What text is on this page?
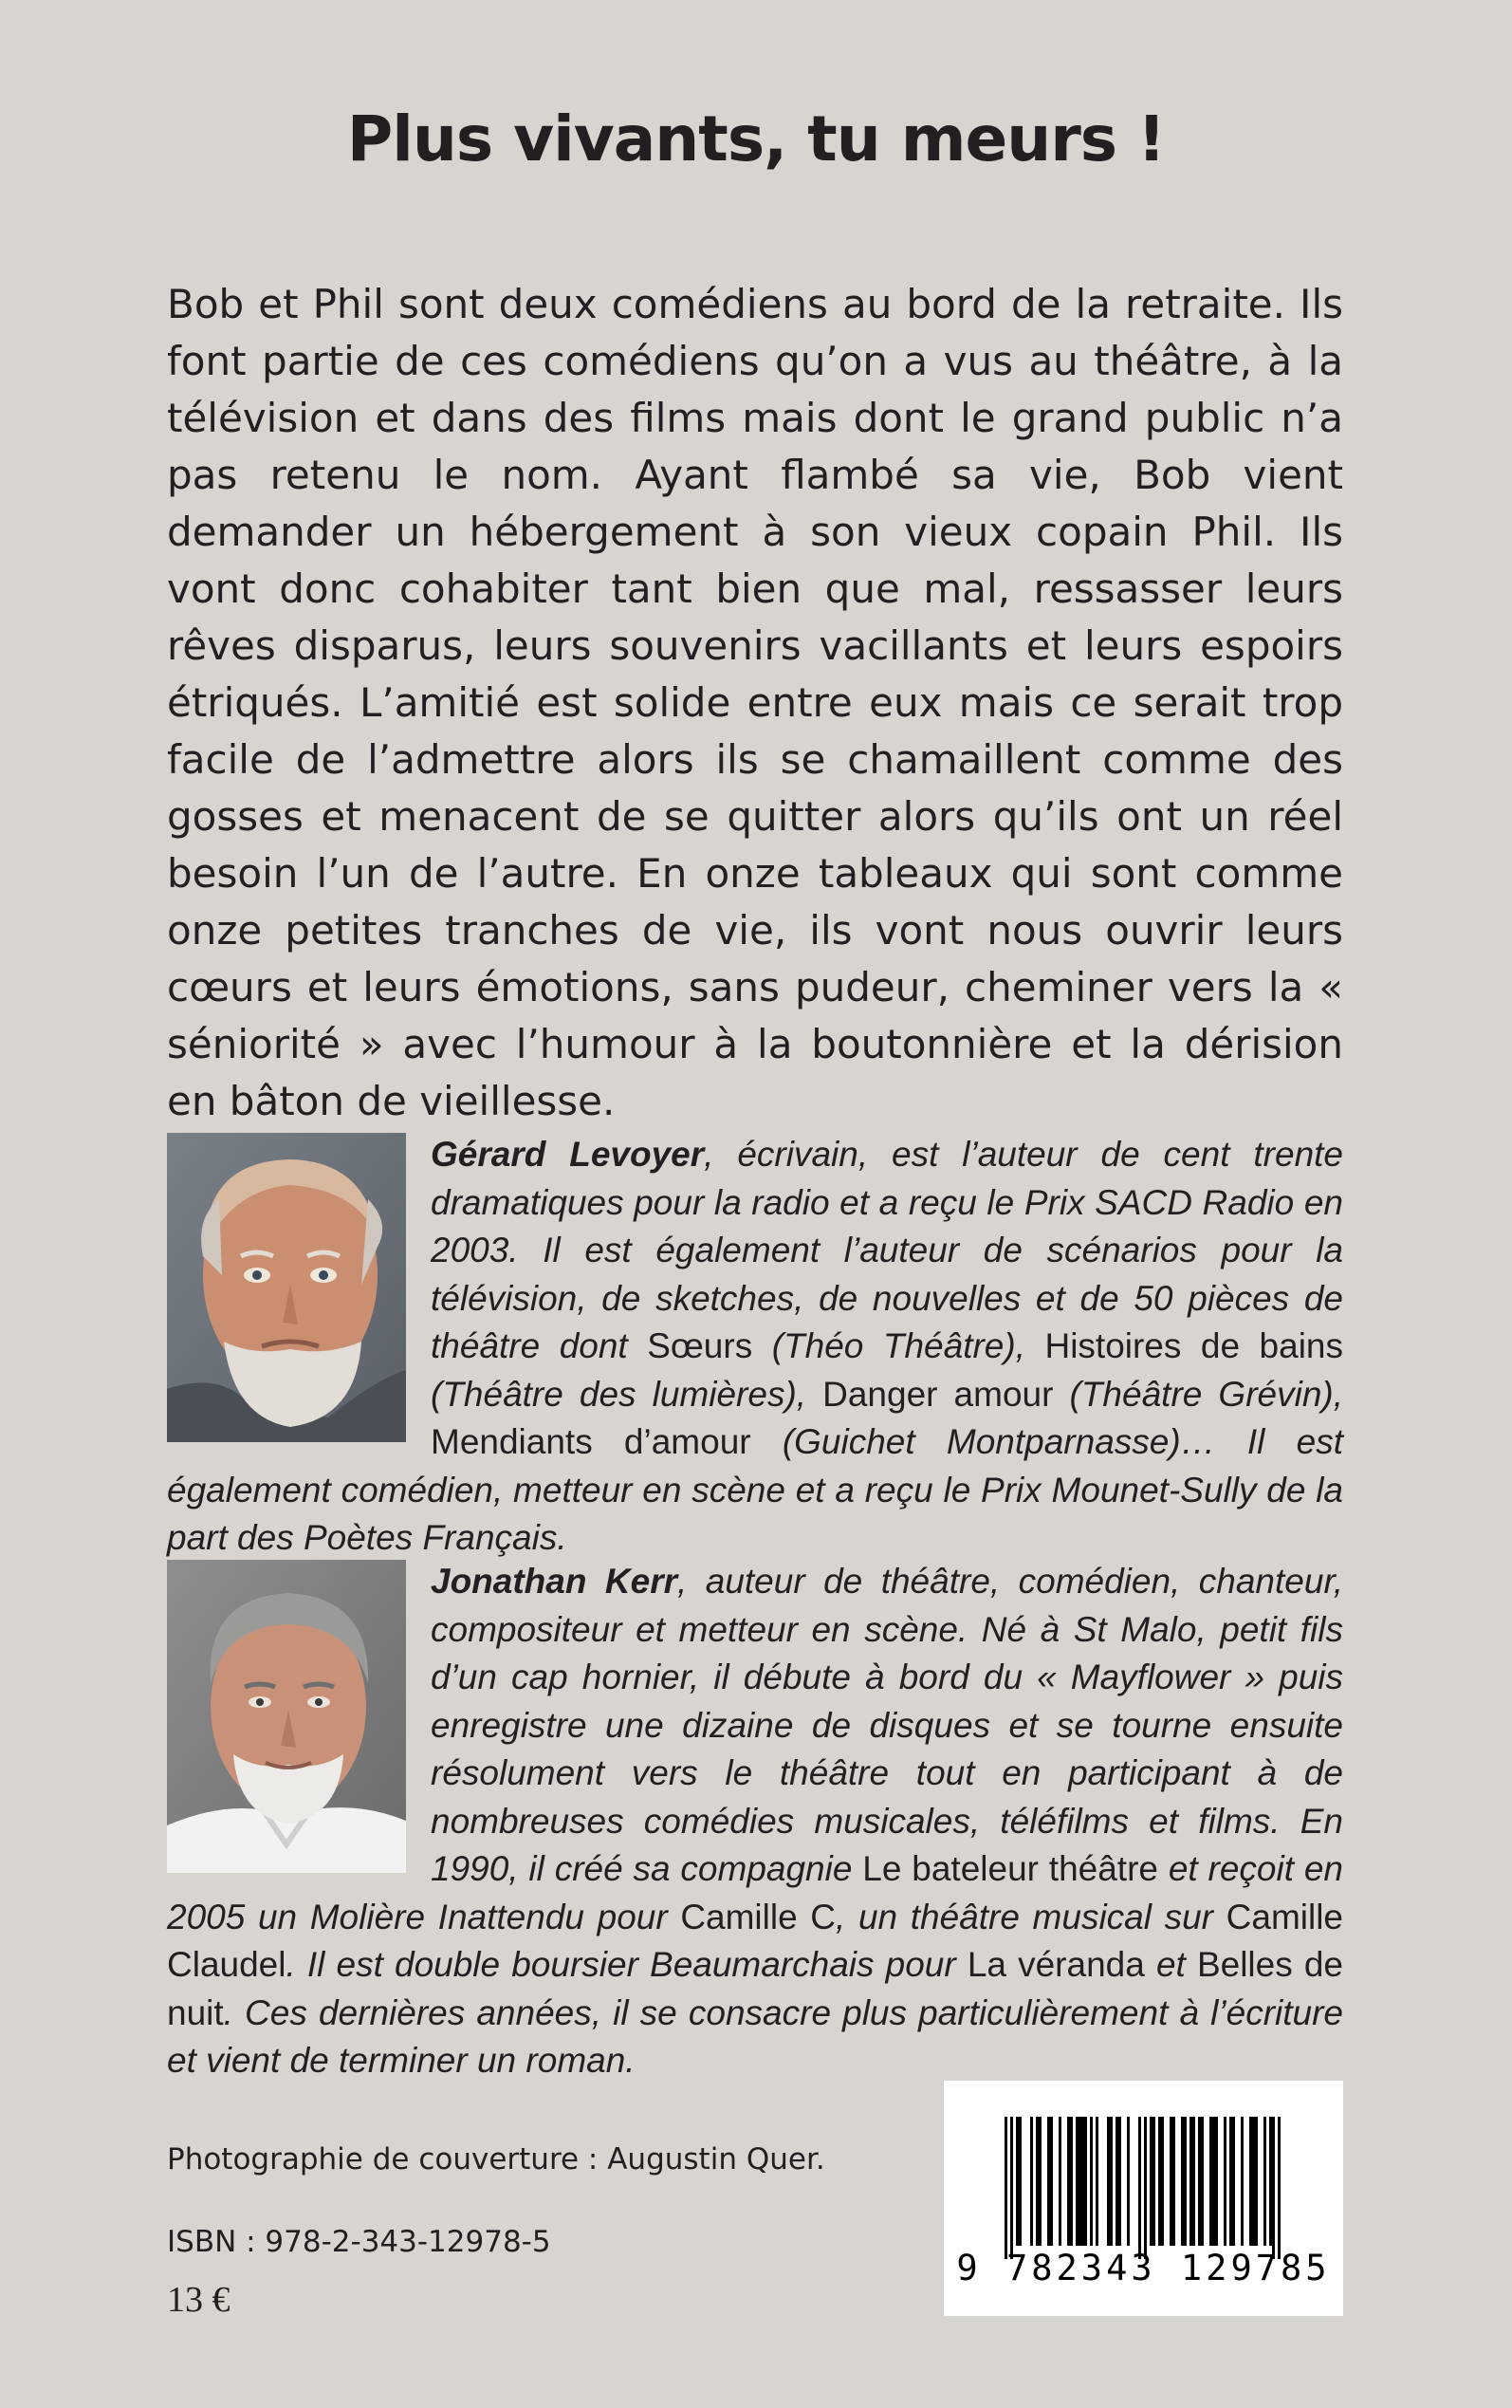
Plus vivants, tu meurs !

Bob et Phil sont deux comédiens au bord de la retraite. Ils font partie de ces comédiens qu’on a vus au théâtre, à la télévision et dans des films mais dont le grand public n’a pas retenu le nom. Ayant flambé sa vie, Bob vient demander un hébergement à son vieux copain Phil. Ils vont donc cohabiter tant bien que mal, ressasser leurs rêves disparus, leurs souvenirs vacillants et leurs espoirs étriqués. L’amitié est solide entre eux mais ce serait trop facile de l’admettre alors ils se chamaillent comme des gosses et menacent de se quitter alors qu’ils ont un réel besoin l’un de l’autre. En onze tableaux qui sont comme onze petites tranches de vie, ils vont nous ouvrir leurs cœurs et leurs émotions, sans pudeur, cheminer vers la « séniorité » avec l’humour à la boutonnière et la dérision en bâton de vieillesse.

Gérard Levoyer, écrivain, est l’auteur de cent trente dramatiques pour la radio et a reçu le Prix SACD Radio en 2003. Il est également l’auteur de scénarios pour la télévision, de sketches, de nouvelles et de 50 pièces de théâtre dont Sœurs (Théo Théâtre), Histoires de bains (Théâtre des lumières), Danger amour (Théâtre Grévin), Mendiants d’amour (Guichet Montparnasse)… Il est également comédien, metteur en scène et a reçu le Prix Mounet-Sully de la part des Poètes Français.
Jonathan Kerr, auteur de théâtre, comédien, chanteur, compositeur et metteur en scène. Né à St Malo, petit fils d’un cap hornier, il débute à bord du « Mayflower » puis enregistre une dizaine de disques et se tourne ensuite résolument vers le théâtre tout en participant à de nombreuses comédies musicales, téléfilms et films. En 1990, il créé sa compagnie Le bateleur théâtre et reçoit en 2005 un Molière Inattendu pour Camille C, un théâtre musical sur Camille Claudel. Il est double boursier Beaumarchais pour La véranda et Belles de nuit. Ces dernières années, il se consacre plus particulièrement à l’écriture et vient de terminer un roman.

Photographie de couverture : Augustin Quer.

ISBN : 978-2-343-12978-5

13 €

9 782343 129785
